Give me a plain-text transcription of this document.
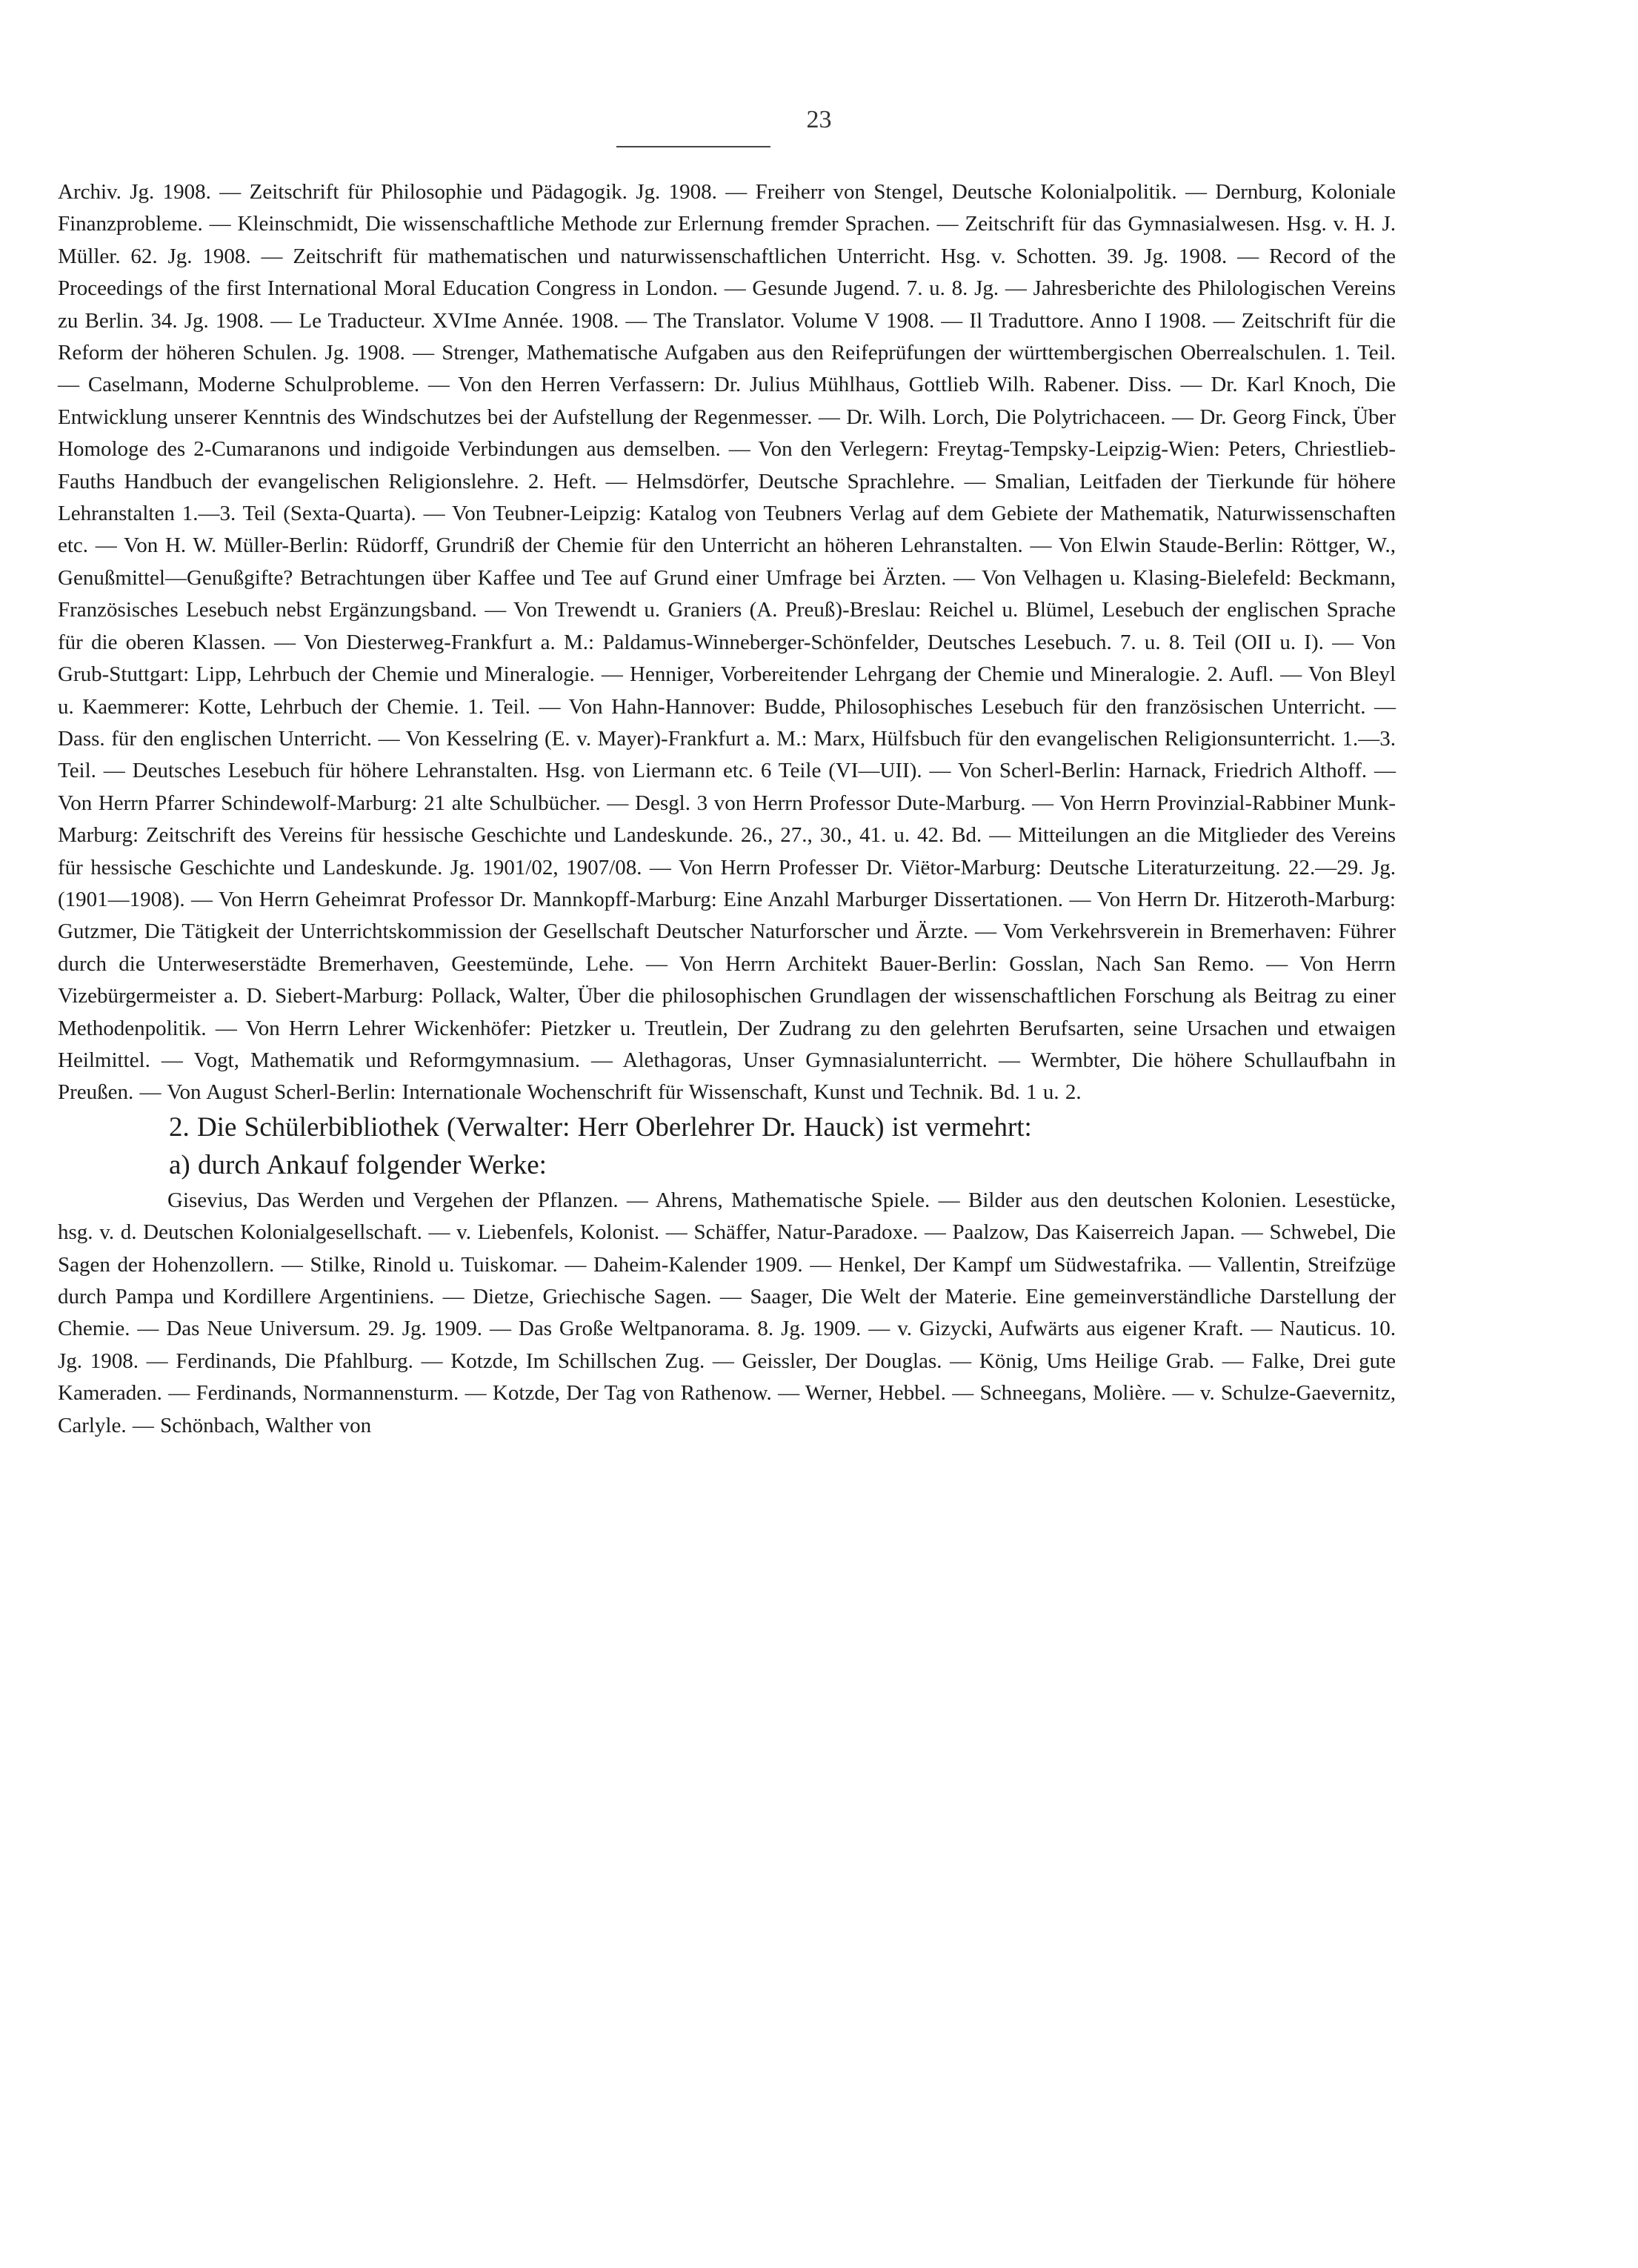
23

Archiv. Jg. 1908. — Zeitschrift für Philosophie und Pädagogik. Jg. 1908. — Freiherr von Stengel, Deutsche Kolonialpolitik. — Dernburg, Koloniale Finanzprobleme. — Kleinschmidt, Die wissenschaftliche Methode zur Erlernung fremder Sprachen. — Zeitschrift für das Gymnasialwesen. Hsg. v. H. J. Müller. 62. Jg. 1908. — Zeitschrift für mathematischen und naturwissenschaftlichen Unterricht. Hsg. v. Schotten. 39. Jg. 1908. — Record of the Proceedings of the first International Moral Education Congress in London. — Gesunde Jugend. 7. u. 8. Jg. — Jahresberichte des Philologischen Vereins zu Berlin. 34. Jg. 1908. — Le Traducteur. XVIme Année. 1908. — The Translator. Volume V 1908. — Il Traduttore. Anno I 1908. — Zeitschrift für die Reform der höheren Schulen. Jg. 1908. — Strenger, Mathematische Aufgaben aus den Reifeprüfungen der württembergischen Oberrealschulen. 1. Teil. — Caselmann, Moderne Schulprobleme. — Von den Herren Verfassern: Dr. Julius Mühlhaus, Gottlieb Wilh. Rabener. Diss. — Dr. Karl Knoch, Die Entwicklung unserer Kenntnis des Windschutzes bei der Aufstellung der Regenmesser. — Dr. Wilh. Lorch, Die Polytrichaceen. — Dr. Georg Finck, Über Homologe des 2-Cumaranons und indigoide Verbindungen aus demselben. — Von den Verlegern: Freytag-Tempsky-Leipzig-Wien: Peters, Chriestlieb-Fauths Handbuch der evangelischen Religionslehre. 2. Heft. — Helmsdörfer, Deutsche Sprachlehre. — Smalian, Leitfaden der Tierkunde für höhere Lehranstalten 1.—3. Teil (Sexta-Quarta). — Von Teubner-Leipzig: Katalog von Teubners Verlag auf dem Gebiete der Mathematik, Naturwissenschaften etc. — Von H. W. Müller-Berlin: Rüdorff, Grundriß der Chemie für den Unterricht an höheren Lehranstalten. — Von Elwin Staude-Berlin: Röttger, W., Genußmittel—Genußgifte? Betrachtungen über Kaffee und Tee auf Grund einer Umfrage bei Ärzten. — Von Velhagen u. Klasing-Bielefeld: Beckmann, Französisches Lesebuch nebst Ergänzungsband. — Von Trewendt u. Graniers (A. Preuß)-Breslau: Reichel u. Blümel, Lesebuch der englischen Sprache für die oberen Klassen. — Von Diesterweg-Frankfurt a. M.: Paldamus-Winneberger-Schönfelder, Deutsches Lesebuch. 7. u. 8. Teil (OII u. I). — Von Grub-Stuttgart: Lipp, Lehrbuch der Chemie und Mineralogie. — Henniger, Vorbereitender Lehrgang der Chemie und Mineralogie. 2. Aufl. — Von Bleyl u. Kaemmerer: Kotte, Lehrbuch der Chemie. 1. Teil. — Von Hahn-Hannover: Budde, Philosophisches Lesebuch für den französischen Unterricht. — Dass. für den englischen Unterricht. — Von Kesselring (E. v. Mayer)-Frankfurt a. M.: Marx, Hülfsbuch für den evangelischen Religionsunterricht. 1.—3. Teil. — Deutsches Lesebuch für höhere Lehranstalten. Hsg. von Liermann etc. 6 Teile (VI—UII). — Von Scherl-Berlin: Harnack, Friedrich Althoff. — Von Herrn Pfarrer Schindewolf-Marburg: 21 alte Schulbücher. — Desgl. 3 von Herrn Professor Dute-Marburg. — Von Herrn Provinzial-Rabbiner Munk-Marburg: Zeitschrift des Vereins für hessische Geschichte und Landeskunde. 26., 27., 30., 41. u. 42. Bd. — Mitteilungen an die Mitglieder des Vereins für hessische Geschichte und Landeskunde. Jg. 1901/02, 1907/08. — Von Herrn Professer Dr. Viëtor-Marburg: Deutsche Literaturzeitung. 22.—29. Jg. (1901—1908). — Von Herrn Geheimrat Professor Dr. Mannkopff-Marburg: Eine Anzahl Marburger Dissertationen. — Von Herrn Dr. Hitzeroth-Marburg: Gutzmer, Die Tätigkeit der Unterrichtskommission der Gesellschaft Deutscher Naturforscher und Ärzte. — Vom Verkehrsverein in Bremerhaven: Führer durch die Unterweserstädte Bremerhaven, Geestemünde, Lehe. — Von Herrn Architekt Bauer-Berlin: Gosslan, Nach San Remo. — Von Herrn Vizebürgermeister a. D. Siebert-Marburg: Pollack, Walter, Über die philosophischen Grundlagen der wissenschaftlichen Forschung als Beitrag zu einer Methodenpolitik. — Von Herrn Lehrer Wickenhöfer: Pietzker u. Treutlein, Der Zudrang zu den gelehrten Berufsarten, seine Ursachen und etwaigen Heilmittel. — Vogt, Mathematik und Reformgymnasium. — Alethagoras, Unser Gymnasialunterricht. — Wermbter, Die höhere Schullaufbahn in Preußen. — Von August Scherl-Berlin: Internationale Wochenschrift für Wissenschaft, Kunst und Technik. Bd. 1 u. 2.

2. Die Schülerbibliothek (Verwalter: Herr Oberlehrer Dr. Hauck) ist vermehrt:

a) durch Ankauf folgender Werke:

Gisevius, Das Werden und Vergehen der Pflanzen. — Ahrens, Mathematische Spiele. — Bilder aus den deutschen Kolonien. Lesestücke, hsg. v. d. Deutschen Kolonialgesellschaft. — v. Liebenfels, Kolonist. — Schäffer, Natur-Paradoxe. — Paalzow, Das Kaiserreich Japan. — Schwebel, Die Sagen der Hohenzollern. — Stilke, Rinold u. Tuiskomar. — Daheim-Kalender 1909. — Henkel, Der Kampf um Südwestafrika. — Vallentin, Streifzüge durch Pampa und Kordillere Argentiniens. — Dietze, Griechische Sagen. — Saager, Die Welt der Materie. Eine gemeinverständliche Darstellung der Chemie. — Das Neue Universum. 29. Jg. 1909. — Das Große Weltpanorama. 8. Jg. 1909. — v. Gizycki, Aufwärts aus eigener Kraft. — Nauticus. 10. Jg. 1908. — Ferdinands, Die Pfahlburg. — Kotzde, Im Schillschen Zug. — Geissler, Der Douglas. — König, Ums Heilige Grab. — Falke, Drei gute Kameraden. — Ferdinands, Normannensturm. — Kotzde, Der Tag von Rathenow. — Werner, Hebbel. — Schneegans, Molière. — v. Schulze-Gaevernitz, Carlyle. — Schönbach, Walther von
